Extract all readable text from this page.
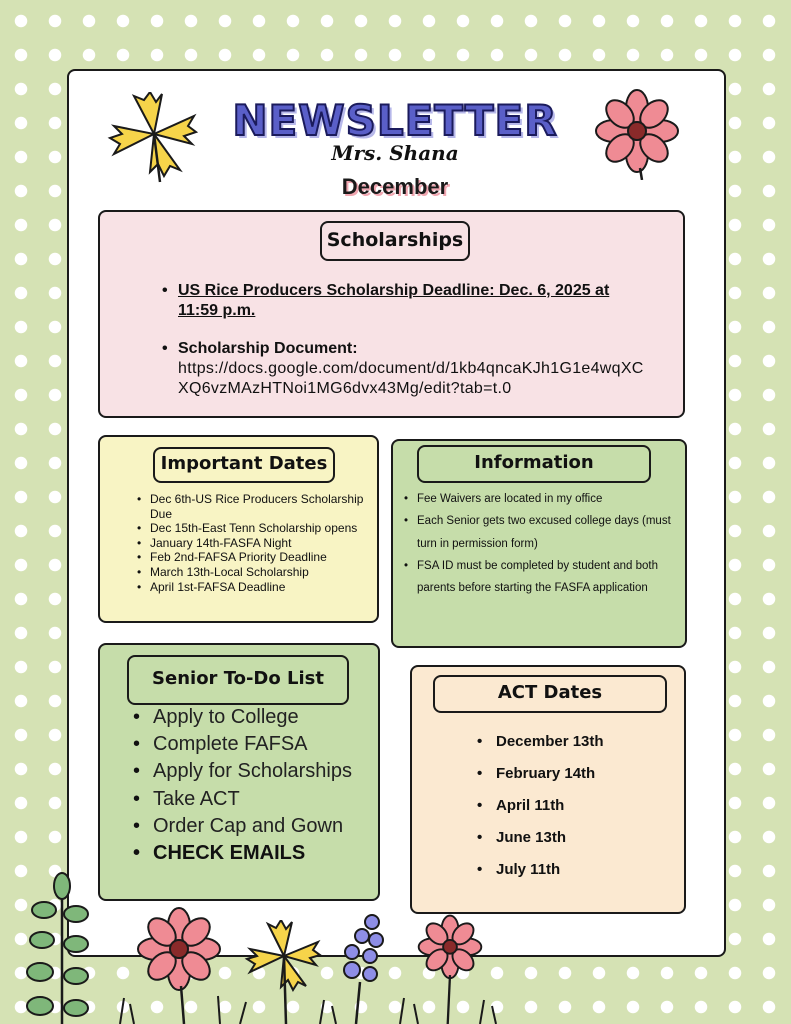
NEWSLETTER
Mrs. Shana
December
Scholarships
• US Rice Producers Scholarship Deadline: Dec. 6, 2025 at 11:59 p.m.
• Scholarship Document:
https://docs.google.com/document/d/1kb4qncaKJh1G1e4wqXCXQ6vzMAzHTNoi1MG6dvx43Mg/edit?tab=t.0
Important Dates
• Dec 6th-US Rice Producers Scholarship Due
• Dec 15th-East Tenn Scholarship opens
• January 14th-FASFA Night
• Feb 2nd-FAFSA Priority Deadline
• March 13th-Local Scholarship
• April 1st-FAFSA Deadline
Information
• Fee Waivers are located in my office
• Each Senior gets two excused college days (must turn in permission form)
• FSA ID must be completed by student and both parents before starting the FASFA application
Senior To-Do List
• Apply to College
• Complete FAFSA
• Apply for Scholarships
• Take ACT
• Order Cap and Gown
• CHECK EMAILS
ACT Dates
• December 13th
• February 14th
• April 11th
• June 13th
• July 11th
